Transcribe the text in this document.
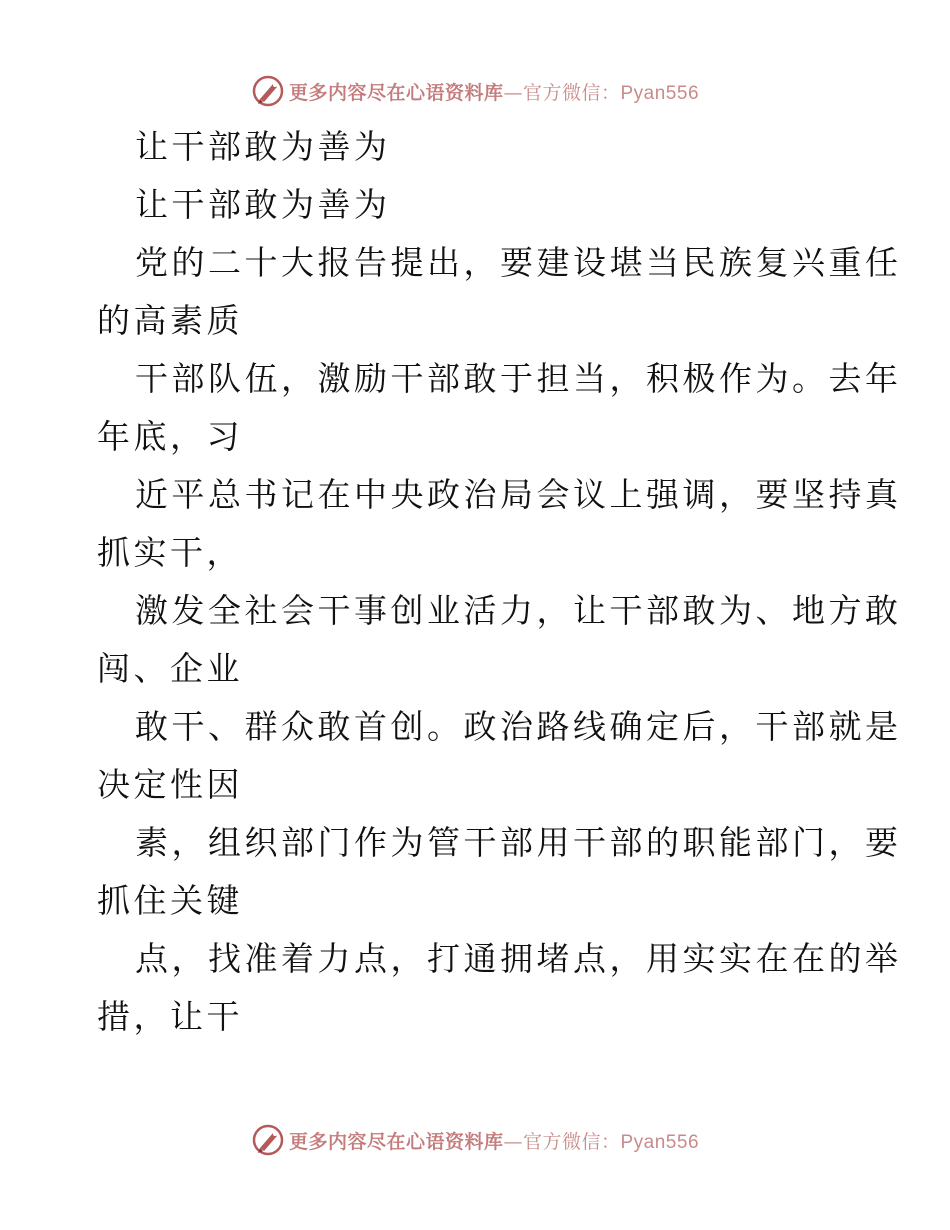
更多内容尽在心语资料库—官方微信：Pyan556
让干部敢为善为
让干部敢为善为
党的二十大报告提出，要建设堪当民族复兴重任
的高素质
干部队伍，激励干部敢于担当，积极作为。去年
年底，习
近平总书记在中央政治局会议上强调，要坚持真
抓实干，
激发全社会干事创业活力，让干部敢为、地方敢
闯、企业
敢干、群众敢首创。政治路线确定后，干部就是
决定性因
素，组织部门作为管干部用干部的职能部门，要
抓住关键
点，找准着力点，打通拥堵点，用实实在在的举
措，让干
更多内容尽在心语资料库—官方微信：Pyan556
